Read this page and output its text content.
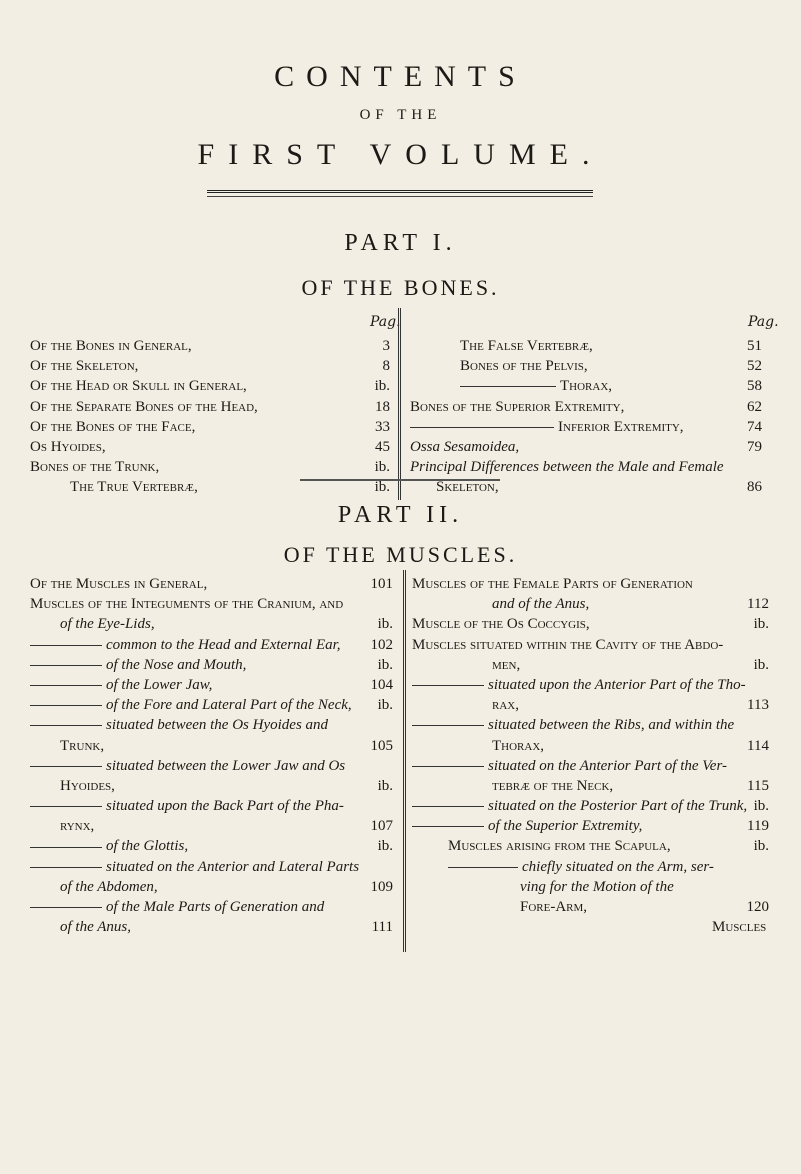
CONTENTS
OF THE
FIRST VOLUME.
PART I.
OF THE BONES.
Pag.	Pag.
Of the Bones in General,	3
Of the Skeleton,	8
Of the Head or Skull in General,	ib.
Of the Separate Bones of the Head,	18
Of the Bones of the Face,	33
Os Hyoides,	45
Bones of the Trunk,	ib.
The True Vertebræ,	ib.
The False Vertebræ,	51
Bones of the Pelvis,	52
Thorax,	58
Bones of the Superior Extremity,	62
Inferior Extremity,	74
Ossa Sesamoidea,	79
Principal Differences between the Male and Female
Skeleton,	86
PART II.
OF THE MUSCLES.
Of the Muscles in General,	101
Muscles of the Integuments of the Cranium, and
of the Eye-Lids,	ib.
common to the Head and External Ear, 102
of the Nose and Mouth,	ib.
of the Lower Jaw,	104
of the Fore and Lateral Part of the Neck, ib.
situated between the Os Hyoides and
Trunk,	105
situated between the Lower Jaw and Os
Hyoides,	ib.
situated upon the Back Part of the Pha-
rynx,	107
of the Glottis,	ib.
situated on the Anterior and Lateral Parts
of the Abdomen,	109
of the Male Parts of Generation and
of the Anus,	111
Muscles of the Female Parts of Generation
and of the Anus,	112
Muscle of the Os Coccygis,	ib.
Muscles situated within the Cavity of the Abdo-
men,	ib.
situated upon the Anterior Part of the Tho-
rax,	113
situated between the Ribs, and within the
Thorax,	114
situated on the Anterior Part of the Ver-
tebræ of the Neck,	115
situated on the Posterior Part of the Trunk, ib.
of the Superior Extremity,	119
Muscles arising from the Scapula,	ib.
chiefly situated on the Arm, ser-
ving for the Motion of the
Fore-Arm,	120
Muscles
